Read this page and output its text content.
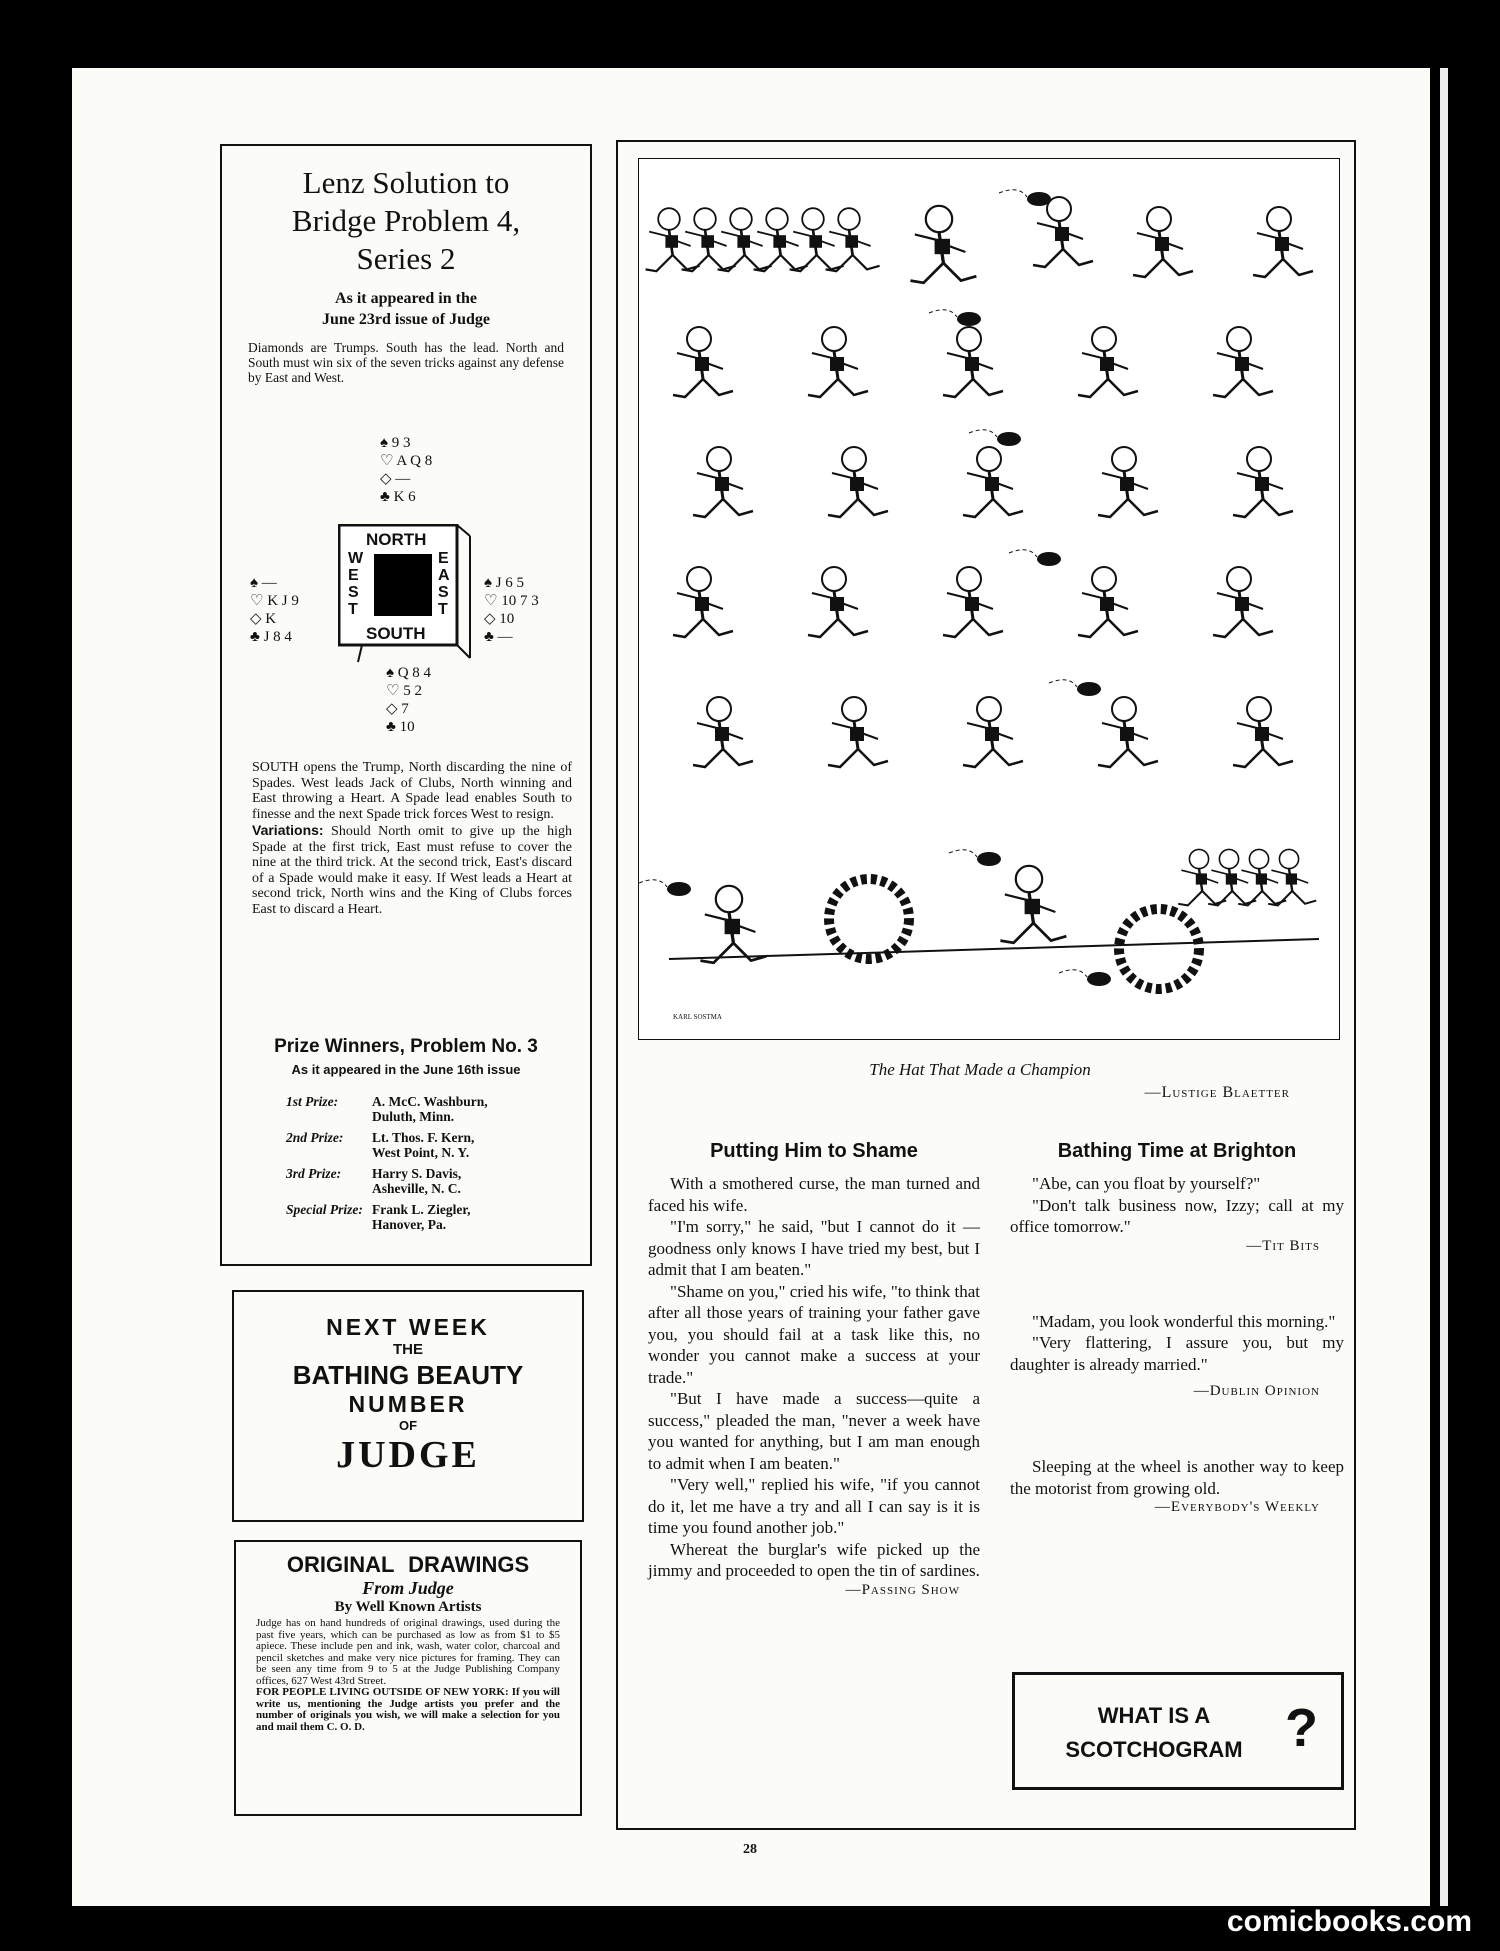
Lenz Solution to
Bridge Problem 4,
Series 2
As it appeared in the
June 23rd issue of Judge
Diamonds are Trumps. South has the lead. North and South must win six of the seven tricks against any defense by East and West.
♠ 9 3
♡ A Q 8
◇ —
♣ K 6
♠ —
♡ K J 9
◇ K
♣ J 8 4
♠ J 6 5
♡ 10 7 3
◇ 10
♣ —
♠ Q 8 4
♡ 5 2
◇ 7
♣ 10
NORTH
SOUTH
WEST
EAST
SOUTH opens the Trump, North discarding the nine of Spades. West leads Jack of Clubs, North winning and East throwing a Heart. A Spade lead enables South to finesse and the next Spade trick forces West to resign.
Variations: Should North omit to give up the high Spade at the first trick, East must refuse to cover the nine at the third trick. At the second trick, East's discard of a Spade would make it easy. If West leads a Heart at second trick, North wins and the King of Clubs forces East to discard a Heart.
Prize Winners, Problem No. 3
As it appeared in the June 16th issue
1st Prize:	A. McC. Washburn,
Duluth, Minn.
2nd Prize:	Lt. Thos. F. Kern,
West Point, N. Y.
3rd Prize:	Harry S. Davis,
Asheville, N. C.
Special Prize: Frank L. Ziegler,
Hanover, Pa.
NEXT WEEK
THE
BATHING BEAUTY
NUMBER
OF
JUDGE
ORIGINAL DRAWINGS
From Judge
By Well Known Artists
Judge has on hand hundreds of original drawings, used during the past five years, which can be purchased as low as from $1 to $5 apiece. These include pen and ink, wash, water color, charcoal and pencil sketches and make very nice pictures for framing. They can be seen any time from 9 to 5 at the Judge Publishing Company offices, 627 West 43rd Street.
FOR PEOPLE LIVING OUTSIDE OF NEW YORK: If you will write us, mentioning the Judge artists you prefer and the number of originals you wish, we will make a selection for you and mail them C. O. D.
KARL SOSTMA
The Hat That Made a Champion
—Lustige Blaetter
Putting Him to Shame

With a smothered curse, the man turned and faced his wife.

"I'm sorry," he said, "but I cannot do it — goodness only knows I have tried my best, but I admit that I am beaten."

"Shame on you," cried his wife, "to think that after all those years of training your father gave you, you should fail at a task like this, no wonder you cannot make a success at your trade."

"But I have made a success—quite a success," pleaded the man, "never a week have you wanted for anything, but I am man enough to admit when I am beaten."

"Very well," replied his wife, "if you cannot do it, let me have a try and all I can say is it is time you found another job."

Whereat the burglar's wife picked up the jimmy and proceeded to open the tin of sardines.

—Passing Show
Bathing Time at Brighton

"Abe, can you float by yourself?"

"Don't talk business now, Izzy; call at my office tomorrow."

—Tit Bits

"Madam, you look wonderful this morning."

"Very flattering, I assure you, but my daughter is already married."

—Dublin Opinion

Sleeping at the wheel is another way to keep the motorist from growing old.

—Everybody's Weekly
WHAT IS A
SCOTCHOGRAM ?
28
comicbooks.com
